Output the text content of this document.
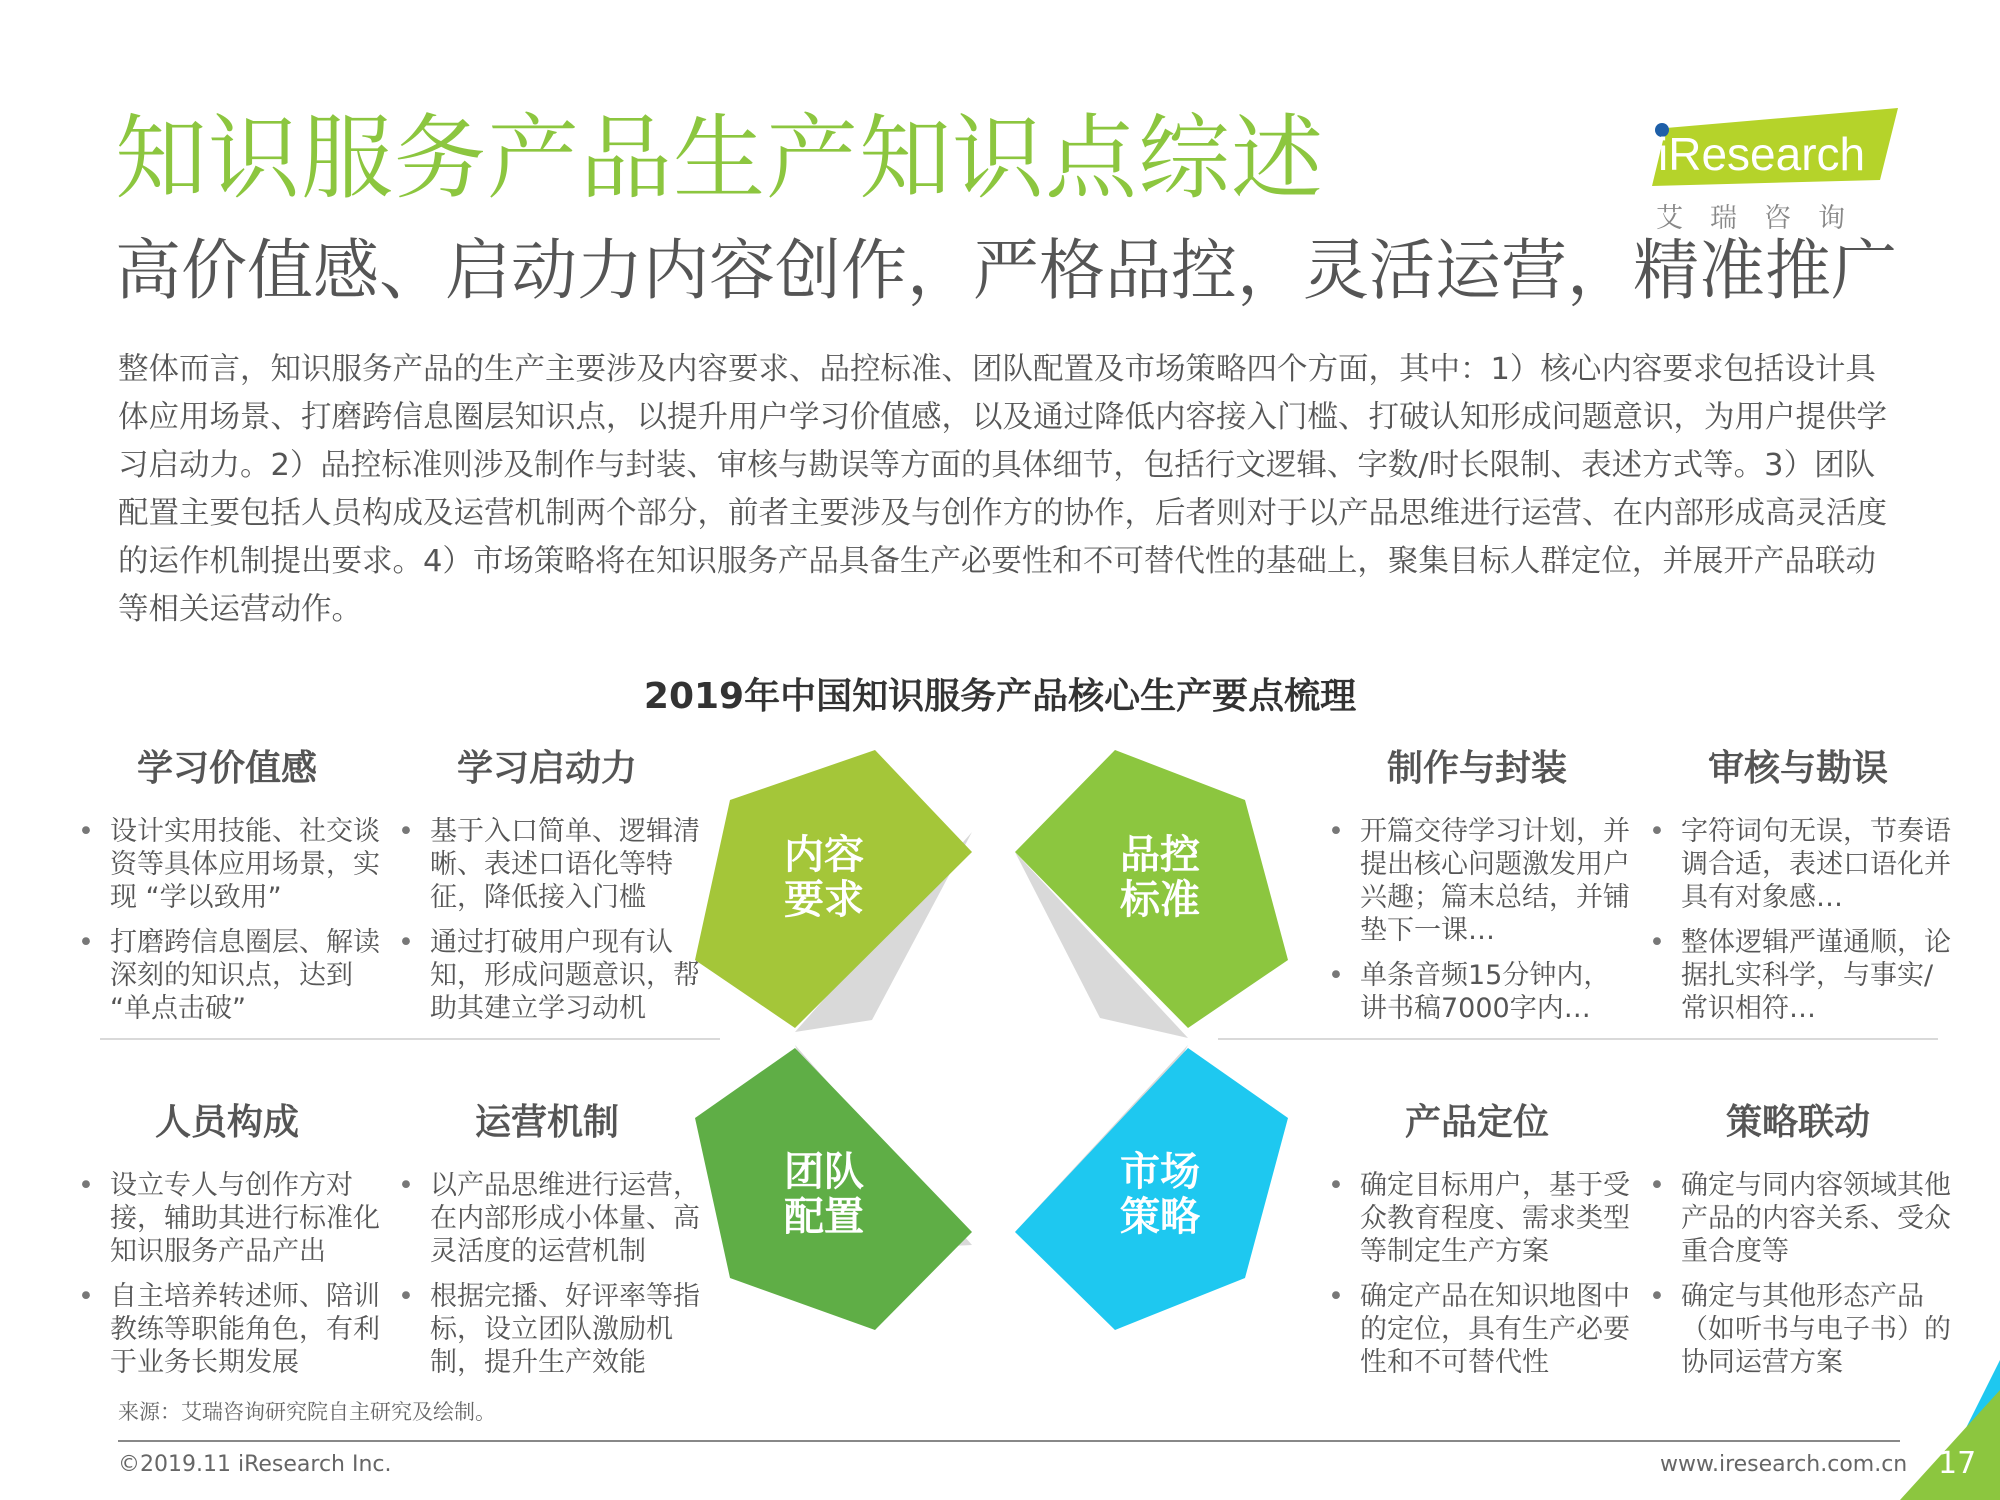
知识服务产品生产知识点综述
高价值感、启动力内容创作，严格品控，灵活运营，精准推广
iResearch
艾瑞咨询
整体而言，知识服务产品的生产主要涉及内容要求、品控标准、团队配置及市场策略四个方面，其中：1）核心内容要求包括设计具体应用场景、打磨跨信息圈层知识点，以提升用户学习价值感，以及通过降低内容接入门槛、打破认知形成问题意识，为用户提供学习启动力。2）品控标准则涉及制作与封装、审核与勘误等方面的具体细节，包括行文逻辑、字数/时长限制、表述方式等。3）团队配置主要包括人员构成及运营机制两个部分，前者主要涉及与创作方的协作，后者则对于以产品思维进行运营、在内部形成高灵活度的运作机制提出要求。4）市场策略将在知识服务产品具备生产必要性和不可替代性的基础上，聚集目标人群定位，并展开产品联动等相关运营动作。
2019年中国知识服务产品核心生产要点梳理
内容
要求
品控
标准
团队
配置
市场
策略
学习价值感
• 设计实用技能、社交谈资等具体应用场景，实现 “学以致用”
• 打磨跨信息圈层、解读深刻的知识点，达到 “单点击破”
学习启动力
• 基于入口简单、逻辑清晰、表述口语化等特征，降低接入门槛
• 通过打破用户现有认知，形成问题意识，帮助其建立学习动机
制作与封装
• 开篇交待学习计划，并提出核心问题激发用户兴趣；篇末总结，并铺垫下一课…
• 单条音频15分钟内，讲书稿7000字内…
审核与勘误
• 字符词句无误，节奏语调合适，表述口语化并具有对象感…
• 整体逻辑严谨通顺，论据扎实科学，与事实/常识相符…
人员构成
• 设立专人与创作方对接，辅助其进行标准化知识服务产品产出
• 自主培养转述师、陪训教练等职能角色，有利于业务长期发展
运营机制
• 以产品思维进行运营，在内部形成小体量、高灵活度的运营机制
• 根据完播、好评率等指标，设立团队激励机制，提升生产效能
产品定位
• 确定目标用户，基于受众教育程度、需求类型等制定生产方案
• 确定产品在知识地图中的定位，具有生产必要性和不可替代性
策略联动
• 确定与同内容领域其他产品的内容关系、受众重合度等
• 确定与其他形态产品（如听书与电子书）的协同运营方案
来源：艾瑞咨询研究院自主研究及绘制。
©2019.11 iResearch Inc.	www.iresearch.com.cn 17
